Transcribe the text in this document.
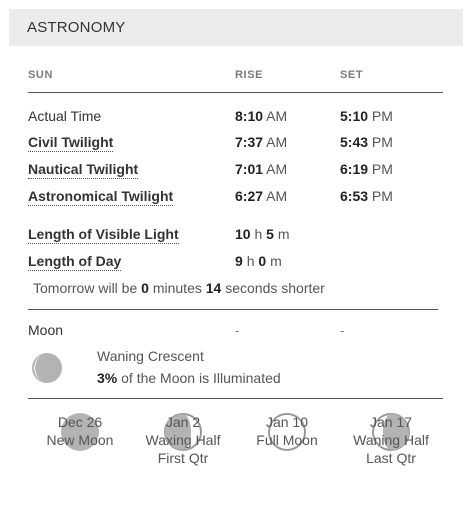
ASTRONOMY
SUN	RISE	SET
Actual Time	8:10 AM	5:10 PM
Civil Twilight	7:37 AM	5:43 PM
Nautical Twilight	7:01 AM	6:19 PM
Astronomical Twilight	6:27 AM	6:53 PM
Length of Visible Light	10 h 5 m
Length of Day	9 h 0 m
Tomorrow will be 0 minutes 14 seconds shorter
Moon	-	-
Waning Crescent
3% of the Moon is Illuminated
Dec 26
New Moon
Jan 2
Waxing Half
First Qtr
Jan 10
Full Moon
Jan 17
Waning Half
Last Qtr
